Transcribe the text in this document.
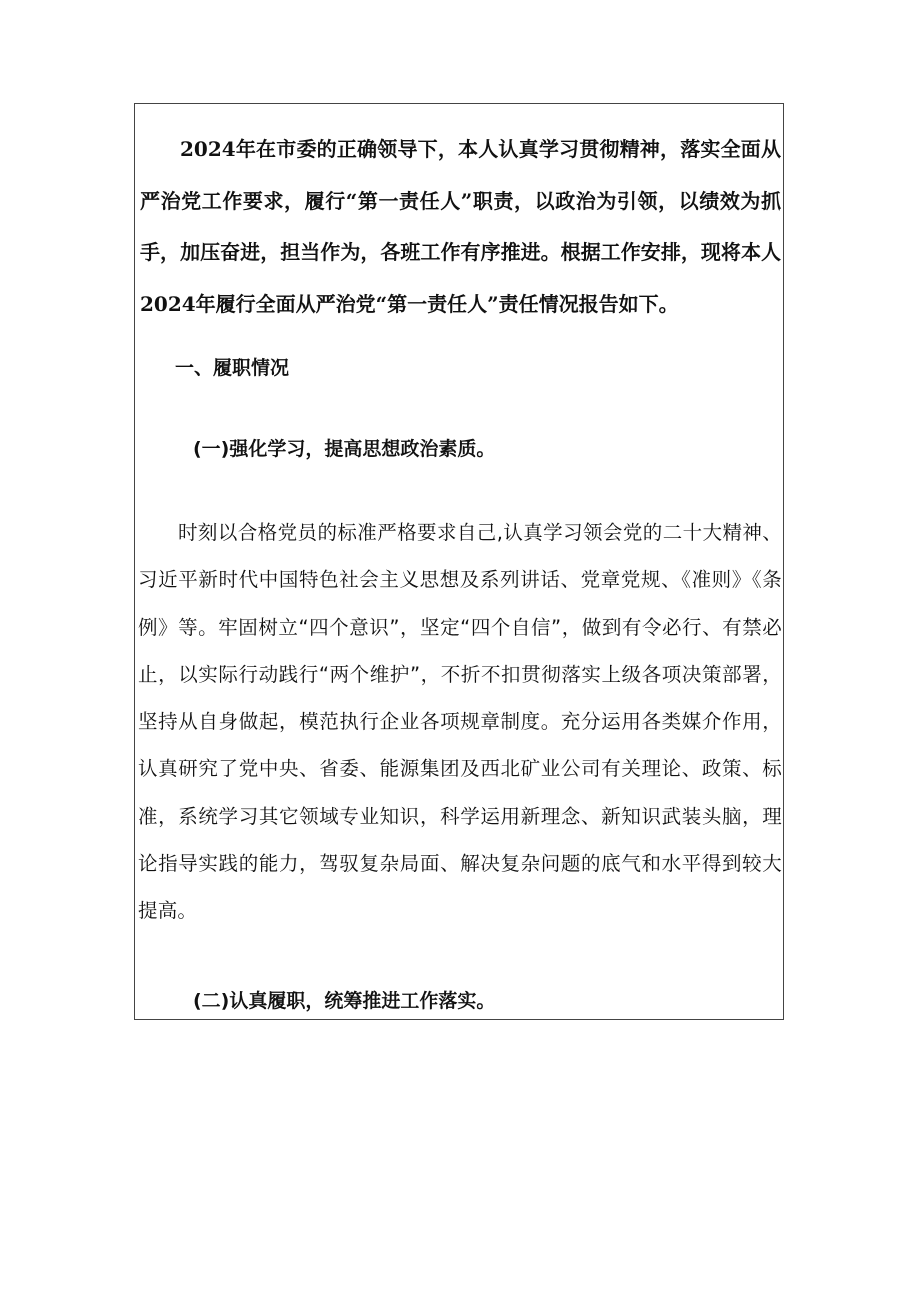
2024年在市委的正确领导下，本人认真学习贯彻精神，落实全面从严治党工作要求，履行“第一责任人”职责，以政治为引领，以绩效为抓手，加压奋进，担当作为，各班工作有序推进。根据工作安排，现将本人2024年履行全面从严治党“第一责任人”责任情况报告如下。

一、履职情况
(一)强化学习，提高思想政治素质。

时刻以合格党员的标准严格要求自己,认真学习领会党的二十大精神、习近平新时代中国特色社会主义思想及系列讲话、党章党规、《准则》《条例》等。牢固树立“四个意识”，坚定“四个自信”，做到有令必行、有禁必止，以实际行动践行“两个维护”，不折不扣贯彻落实上级各项决策部署，坚持从自身做起，模范执行企业各项规章制度。充分运用各类媒介作用，认真研究了党中央、省委、能源集团及西北矿业公司有关理论、政策、标准，系统学习其它领域专业知识，科学运用新理念、新知识武装头脑，理论指导实践的能力，驾驭复杂局面、解决复杂问题的底气和水平得到较大提高。

(二)认真履职，统筹推进工作落实。
